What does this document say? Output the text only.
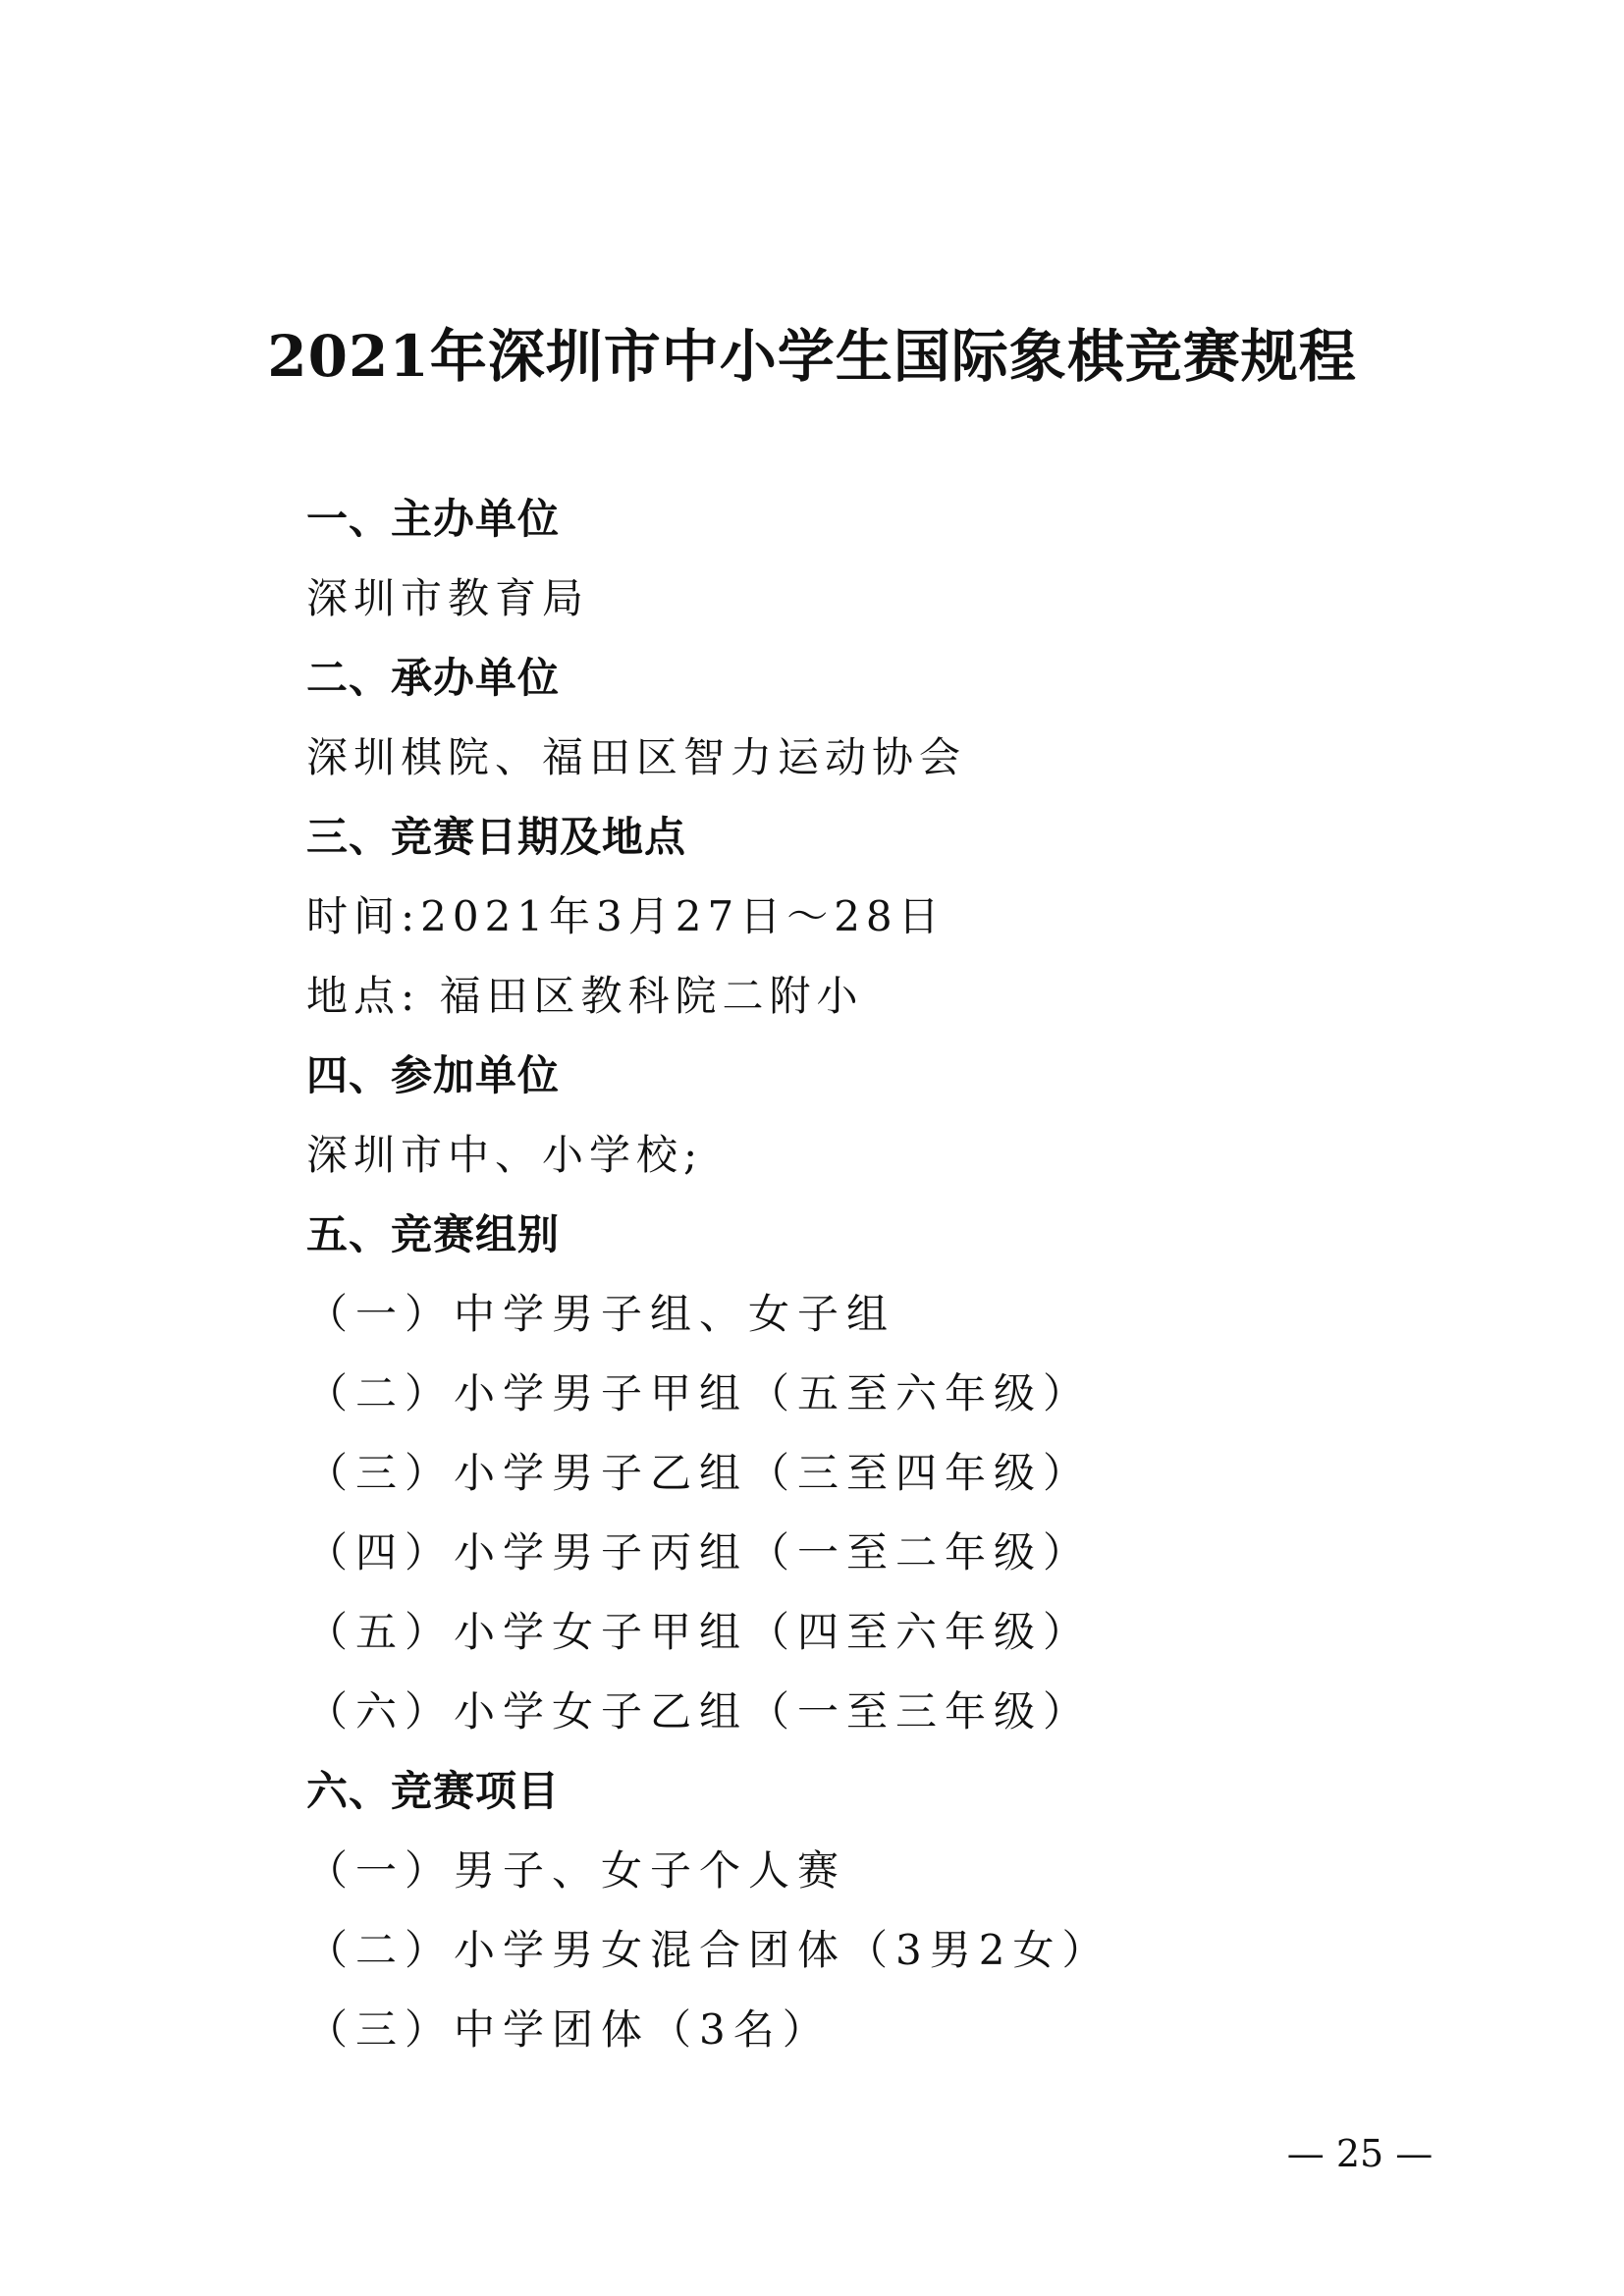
2021年深圳市中小学生国际象棋竞赛规程
一、主办单位
深圳市教育局
二、承办单位
深圳棋院、福田区智力运动协会
三、竞赛日期及地点
时间:2021年3月27日～28日
地点: 福田区教科院二附小
四、参加单位
深圳市中、小学校;
五、竞赛组别
（一）中学男子组、女子组
（二）小学男子甲组（五至六年级）
（三）小学男子乙组（三至四年级）
（四）小学男子丙组（一至二年级）
（五）小学女子甲组（四至六年级）
（六）小学女子乙组（一至三年级）
六、竞赛项目
（一）男子、女子个人赛
（二）小学男女混合团体（3男2女）
（三）中学团体（3名）
— 25 —
